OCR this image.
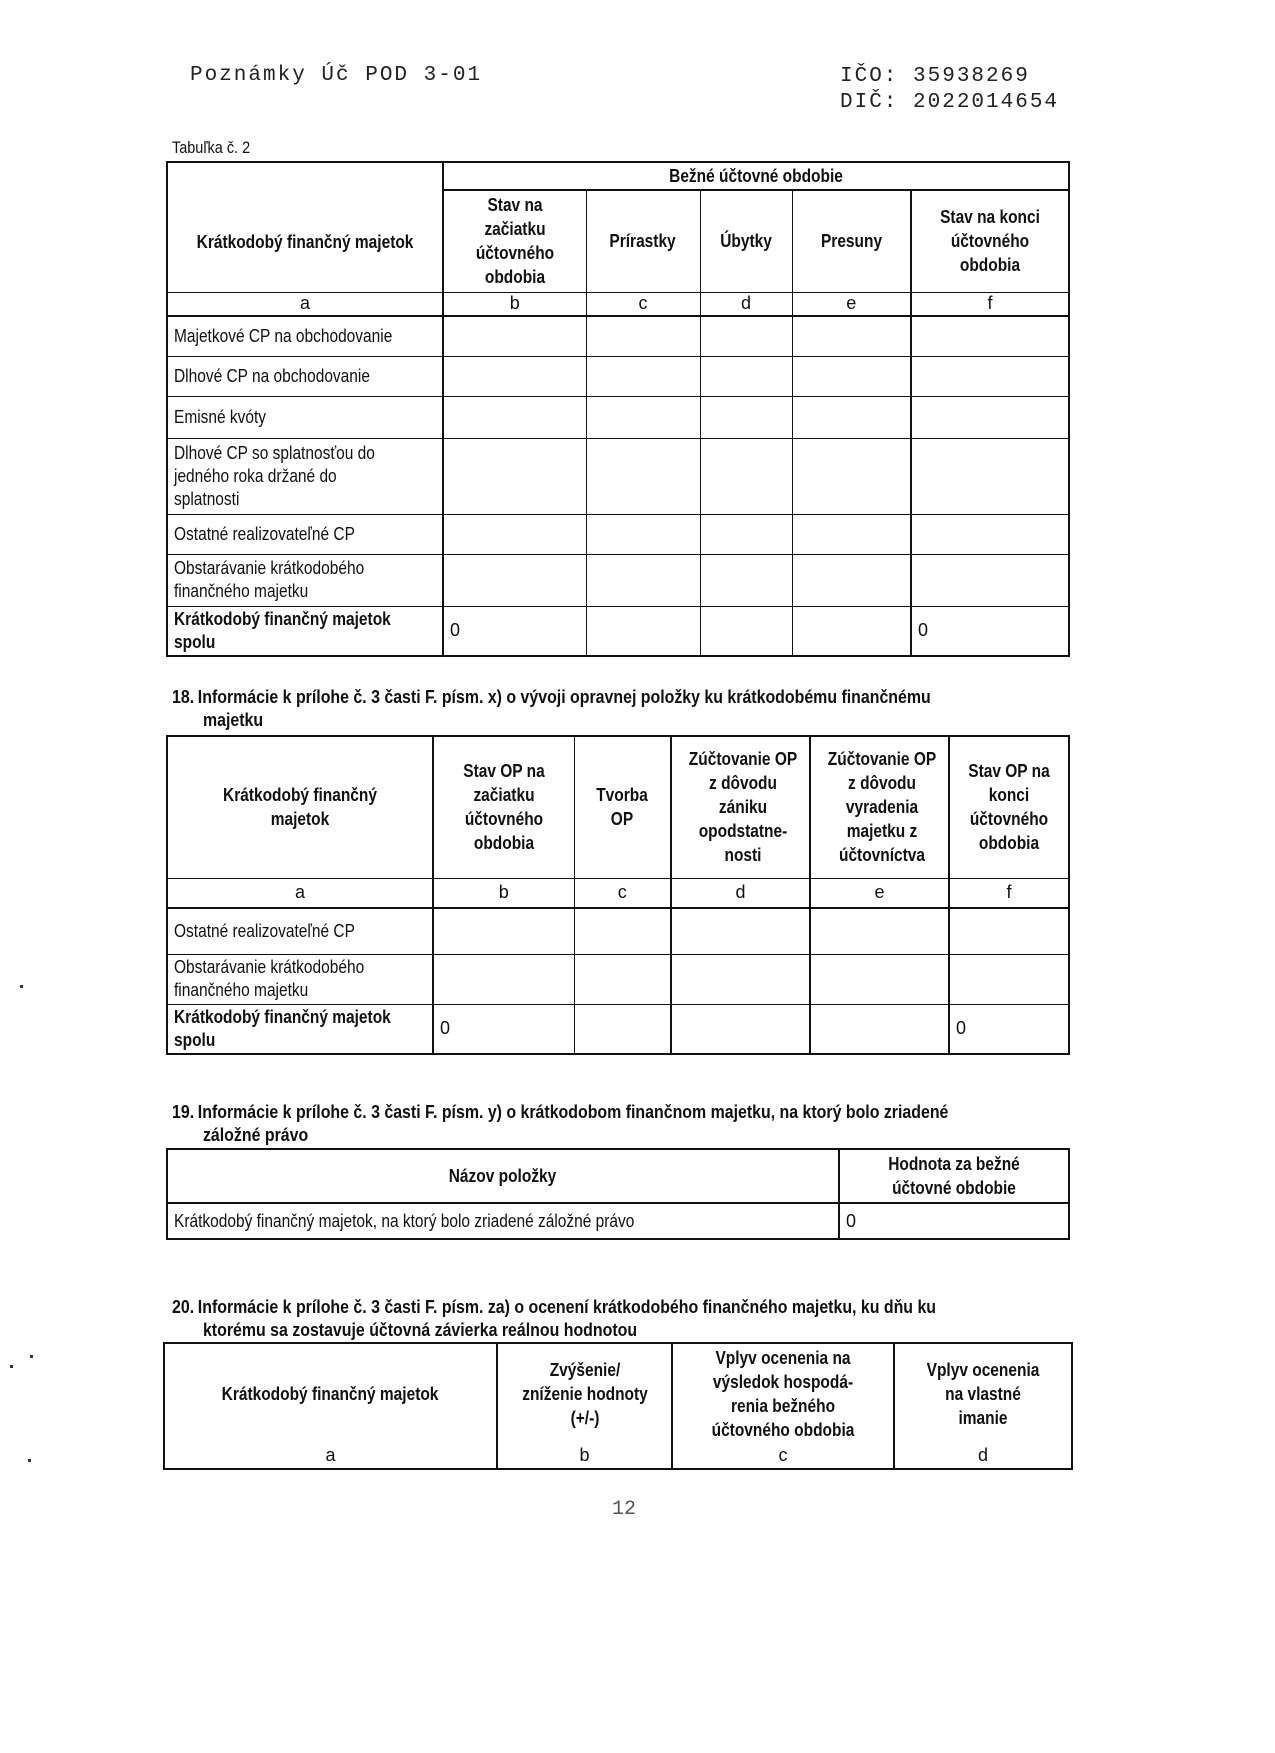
Poznámky Úč POD 3-01	IČO: 35938269
DIČ: 2022014654
Tabuľka č. 2
Krátkodobý finančný majetok	Bežné účtovné obdobie				
	Stav na začiatku účtovného obdobia	Prírastky	Úbytky	Presuny	Stav na konci účtovného obdobia
a	b	c	d	e	f
Majetkové CP na obchodovanie					
Dlhové CP na obchodovanie					
Emisné kvóty					
Dlhové CP so splatnosťou do jedného roka držané do splatnosti					
Ostatné realizovateľné CP					
Obstarávanie krátkodobého finančného majetku					
Krátkodobý finančný majetok spolu	0				0
18. Informácie k prílohe č. 3 časti F. písm. x) o vývoji opravnej položky ku krátkodobému finančnému
majetku
Krátkodobý finančný majetok	Stav OP na začiatku účtovného obdobia	Tvorba OP	Zúčtovanie OP z dôvodu zániku opodstatne-nosti	Zúčtovanie OP z dôvodu vyradenia majetku z účtovníctva	Stav OP na konci účtovného obdobia
a	b	c	d	e	f
Ostatné realizovateľné CP					
Obstarávanie krátkodobého finančného majetku					
Krátkodobý finančný majetok spolu	0				0
19. Informácie k prílohe č. 3 časti F. písm. y) o krátkodobom finančnom majetku, na ktorý bolo zriadené
záložné právo
Názov položky	Hodnota za bežné účtovné obdobie
Krátkodobý finančný majetok, na ktorý bolo zriadené záložné právo	0
20. Informácie k prílohe č. 3 časti F. písm. za) o ocenení krátkodobého finančného majetku, ku dňu ku
ktorému sa zostavuje účtovná závierka reálnou hodnotou
Krátkodobý finančný majetok	Zvýšenie/ zníženie hodnoty (+/-)	Vplyv ocenenia na výsledok hospodá-renia bežného účtovného obdobia	Vplyv ocenenia na vlastné imanie
a	b	c	d
12
